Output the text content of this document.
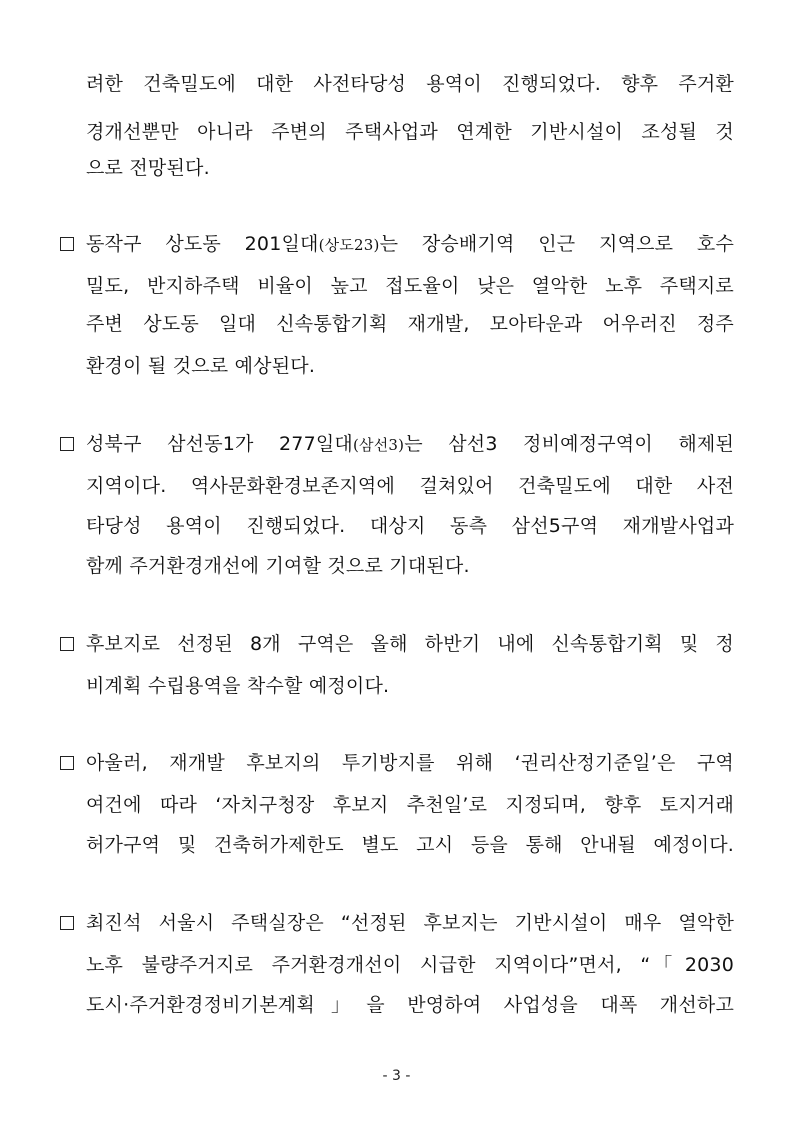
려한 건축밀도에 대한 사전타당성 용역이 진행되었다. 향후 주거환
경개선뿐만 아니라 주변의 주택사업과 연계한 기반시설이 조성될 것
으로 전망된다.
동작구 상도동 201일대(상도23)는 장승배기역 인근 지역으로 호수
밀도, 반지하주택 비율이 높고 접도율이 낮은 열악한 노후 주택지로
주변 상도동 일대 신속통합기획 재개발, 모아타운과 어우러진 정주
환경이 될 것으로 예상된다.
성북구 삼선동1가 277일대(삼선3)는 삼선3 정비예정구역이 해제된
지역이다. 역사문화환경보존지역에 걸쳐있어 건축밀도에 대한 사전
타당성 용역이 진행되었다. 대상지 동측 삼선5구역 재개발사업과
함께 주거환경개선에 기여할 것으로 기대된다.
후보지로 선정된 8개 구역은 올해 하반기 내에 신속통합기획 및 정
비계획 수립용역을 착수할 예정이다.
아울러, 재개발 후보지의 투기방지를 위해 ‘권리산정기준일’은 구역
여건에 따라 ‘자치구청장 후보지 추천일’로 지정되며, 향후 토지거래
허가구역 및 건축허가제한도 별도 고시 등을 통해 안내될 예정이다.
최진석 서울시 주택실장은 “선정된 후보지는 기반시설이 매우 열악한
노후 불량주거지로 주거환경개선이 시급한 지역이다”면서, “「2030
도시·주거환경정비기본계획」을 반영하여 사업성을 대폭 개선하고
- 3 -
